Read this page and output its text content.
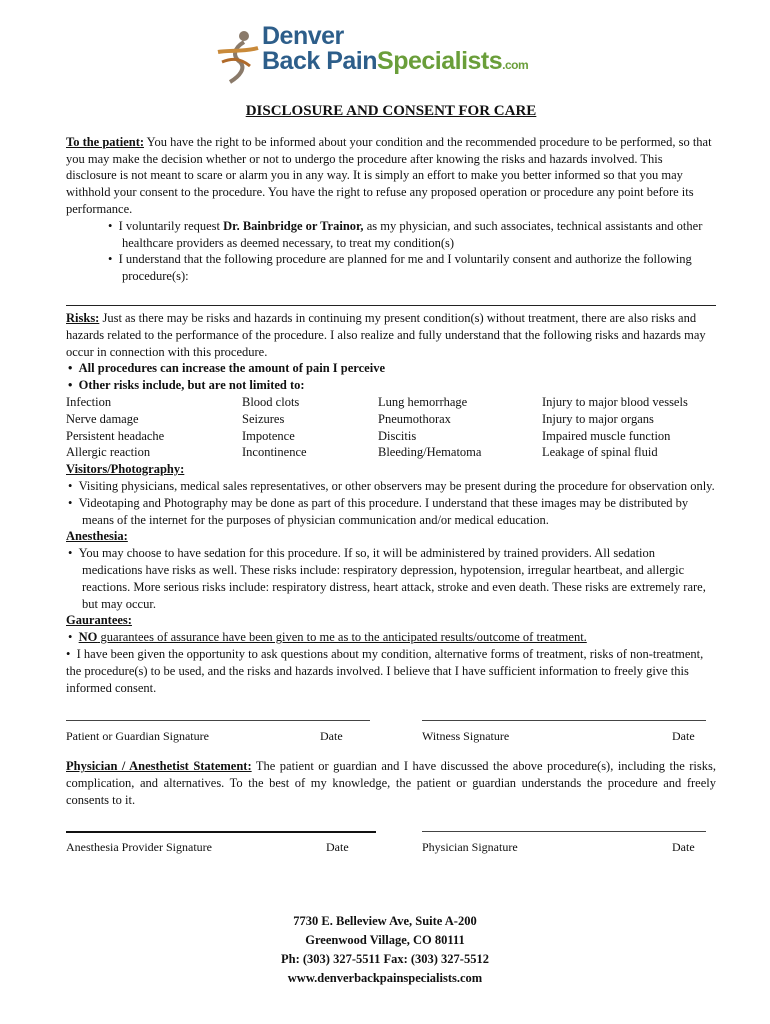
Denver
Back PainSpecialists.com
DISCLOSURE AND CONSENT FOR CARE

To the patient: You have the right to be informed about your condition and the recommended procedure to be performed, so that you may make the decision whether or not to undergo the procedure after knowing the risks and hazards involved. This disclosure is not meant to scare or alarm you in any way. It is simply an effort to make you better informed so that you may withhold your consent to the procedure. You have the right to refuse any proposed operation or procedure any point before its performance.

•  I voluntarily request Dr. Bainbridge or Trainor, as my physician, and such associates, technical assistants and other healthcare providers as deemed necessary, to treat my condition(s)

•  I understand that the following procedure are planned for me and I voluntarily consent and authorize the following procedure(s):

Risks: Just as there may be risks and hazards in continuing my present condition(s) without treatment, there are also risks and hazards related to the performance of the procedure. I also realize and fully understand that the following risks and hazards may occur in connection with this procedure.

•  All procedures can increase the amount of pain I perceive

•  Other risks include, but are not limited to:

Infection	Blood clots	Lung hemorrhage	Injury to major blood vessels
Nerve damage	Seizures	Pneumothorax	Injury to major organs
Persistent headache	Impotence	Discitis	Impaired muscle function
Allergic reaction	Incontinence	Bleeding/Hematoma	Leakage of spinal fluid

Visitors/Photography:

•  Visiting physicians, medical sales representatives, or other observers may be present during the procedure for observation only.

•  Videotaping and Photography may be done as part of this procedure. I understand that these images may be distributed by means of the internet for the purposes of physician communication and/or medical education.

Anesthesia:

•  You may choose to have sedation for this procedure. If so, it will be administered by trained providers. All sedation medications have risks as well. These risks include: respiratory depression, hypotension, irregular heartbeat, and allergic reactions. More serious risks include: respiratory distress, heart attack, stroke and even death. These risks are extremely rare, but may occur.

Gaurantees:

•  NO guarantees of assurance have been given to me as to the anticipated results/outcome of treatment.

•  I have been given the opportunity to ask questions about my condition, alternative forms of treatment, risks of non-treatment, the procedure(s) to be used, and the risks and hazards involved. I believe that I have sufficient information to freely give this informed consent.

Patient or Guardian Signature	Date	Witness Signature	Date

Physician / Anesthetist Statement: The patient or guardian and I have discussed the above procedure(s), including the risks, complication, and alternatives. To the best of my knowledge, the patient or guardian understands the procedure and freely consents to it.

Anesthesia Provider Signature	Date	Physician Signature	Date
7730 E. Belleview Ave, Suite A-200
Greenwood Village, CO 80111
Ph: (303) 327-5511 Fax: (303) 327-5512
www.denverbackpainspecialists.com
